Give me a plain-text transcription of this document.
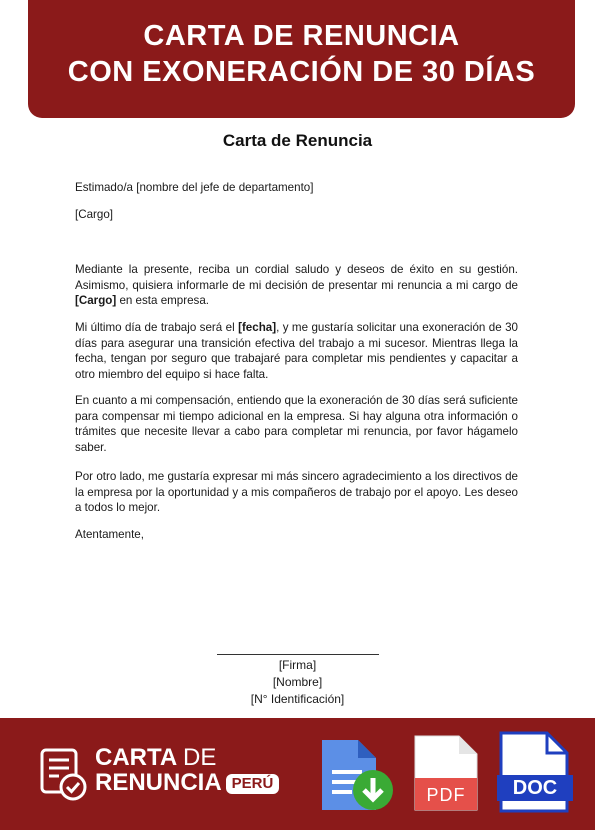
CARTA DE RENUNCIA
CON EXONERACIÓN DE 30 DÍAS
Carta de Renuncia

Estimado/a [nombre del jefe de departamento]

[Cargo]

Mediante la presente, reciba un cordial saludo y deseos de éxito en su gestión. Asimismo, quisiera informarle de mi decisión de presentar mi renuncia a mi cargo de [Cargo] en esta empresa.

Mi último día de trabajo será el [fecha], y me gustaría solicitar una exoneración de 30 días para asegurar una transición efectiva del trabajo a mi sucesor. Mientras llega la fecha, tengan por seguro que trabajaré para completar mis pendientes y capacitar a otro miembro del equipo si hace falta.

En cuanto a mi compensación, entiendo que la exoneración de 30 días será suficiente para compensar mi tiempo adicional en la empresa. Si hay alguna otra información o trámites que necesite llevar a cabo para completar mi renuncia, por favor hágamelo saber.

Por otro lado, me gustaría expresar mi más sincero agradecimiento a los directivos de la empresa por la oportunidad y a mis compañeros de trabajo por el apoyo. Les deseo a todos lo mejor.

Atentamente,

[Firma]
[Nombre]
[N° Identificación]
CARTA DE
RENUNCIA PERÚ
PDF	DOC
